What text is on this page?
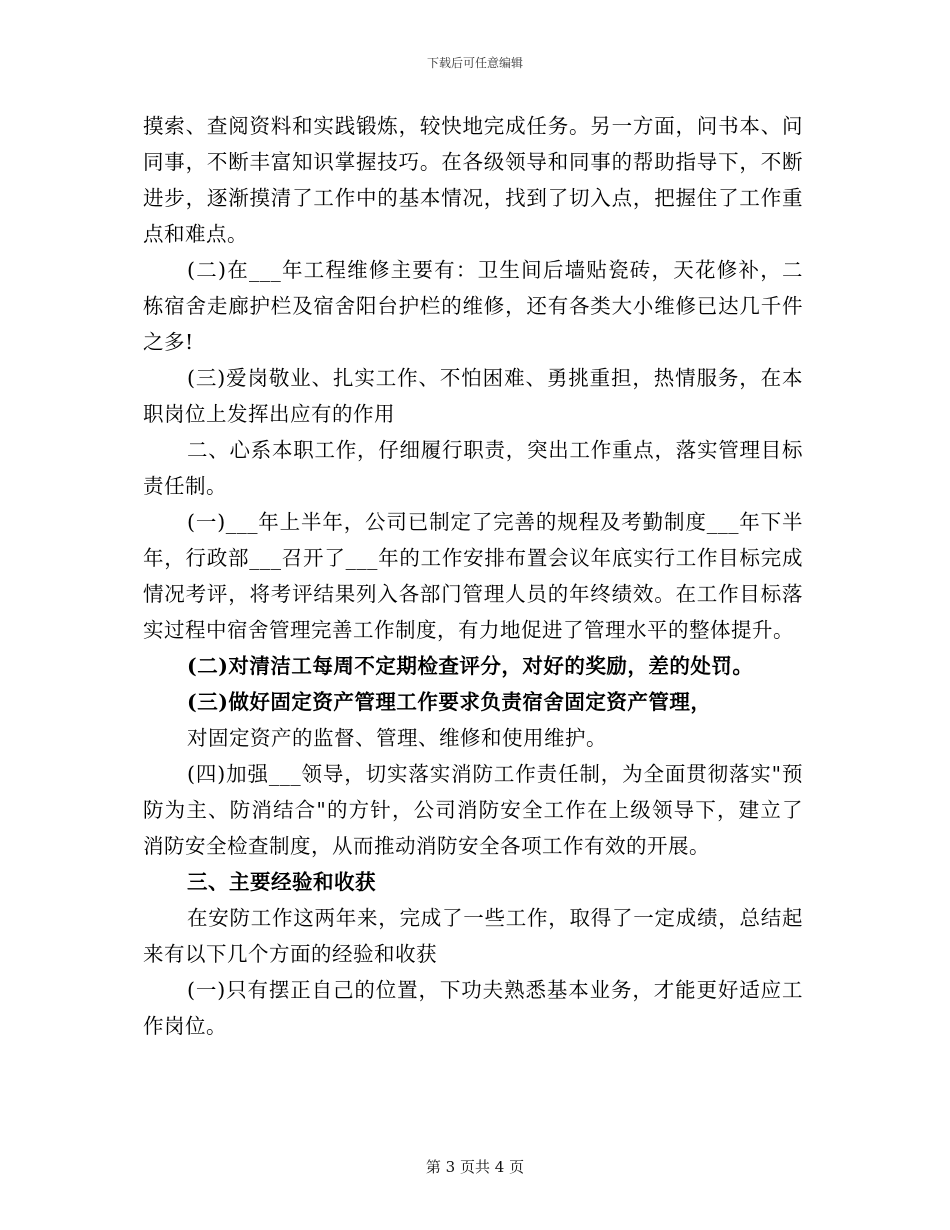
下载后可任意编辑

摸索、查阅资料和实践锻炼，较快地完成任务。另一方面，问书本、问同事，不断丰富知识掌握技巧。在各级领导和同事的帮助指导下，不断进步，逐渐摸清了工作中的基本情况，找到了切入点，把握住了工作重点和难点。

(二)在___年工程维修主要有：卫生间后墙贴瓷砖，天花修补，二栋宿舍走廊护栏及宿舍阳台护栏的维修，还有各类大小维修已达几千件之多!

(三)爱岗敬业、扎实工作、不怕困难、勇挑重担，热情服务，在本职岗位上发挥出应有的作用

二、心系本职工作，仔细履行职责，突出工作重点，落实管理目标责任制。

(一)___年上半年，公司已制定了完善的规程及考勤制度___年下半年，行政部___召开了___年的工作安排布置会议年底实行工作目标完成情况考评，将考评结果列入各部门管理人员的年终绩效。在工作目标落实过程中宿舍管理完善工作制度，有力地促进了管理水平的整体提升。

(二)对清洁工每周不定期检查评分，对好的奖励，差的处罚。

(三)做好固定资产管理工作要求负责宿舍固定资产管理，

对固定资产的监督、管理、维修和使用维护。

(四)加强___领导，切实落实消防工作责任制，为全面贯彻落实"预防为主、防消结合"的方针，公司消防安全工作在上级领导下，建立了消防安全检查制度，从而推动消防安全各项工作有效的开展。

三、主要经验和收获

在安防工作这两年来，完成了一些工作，取得了一定成绩，总结起来有以下几个方面的经验和收获

(一)只有摆正自己的位置，下功夫熟悉基本业务，才能更好适应工作岗位。

第 3 页共 4 页
